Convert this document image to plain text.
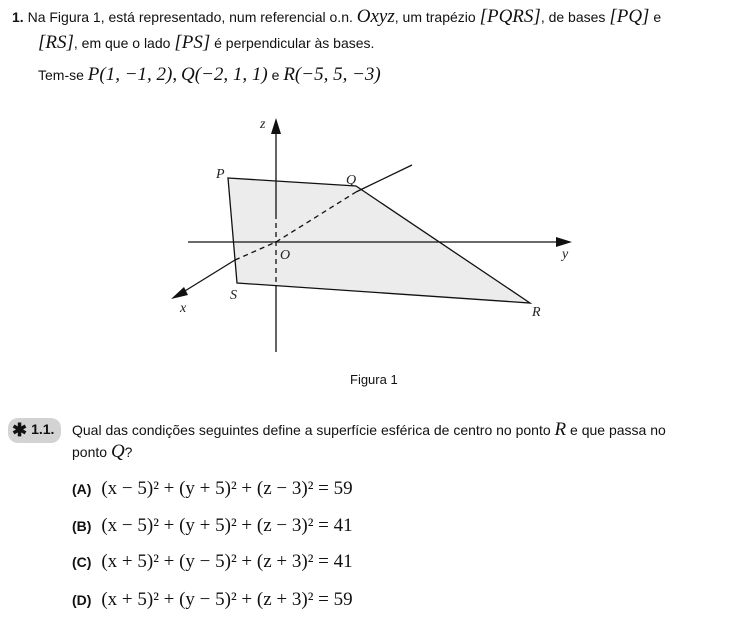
1. Na Figura 1, está representado, num referencial o.n. Oxyz, um trapézio [PQRS], de bases [PQ] e
[RS], em que o lado [PS] é perpendicular às bases.
Tem-se P(1, −1, 2), Q(−2, 1, 1) e R(−5, 5, −3)
z
y
x
O
P	Q
R
S
Figura 1
✱ 1.1.	Qual das condições seguintes define a superfície esférica de centro no ponto R e que passa no
ponto Q?
(A) (x − 5)² + (y + 5)² + (z − 3)² = 59
(B) (x − 5)² + (y + 5)² + (z − 3)² = 41
(C) (x + 5)² + (y − 5)² + (z + 3)² = 41
(D) (x + 5)² + (y − 5)² + (z + 3)² = 59
